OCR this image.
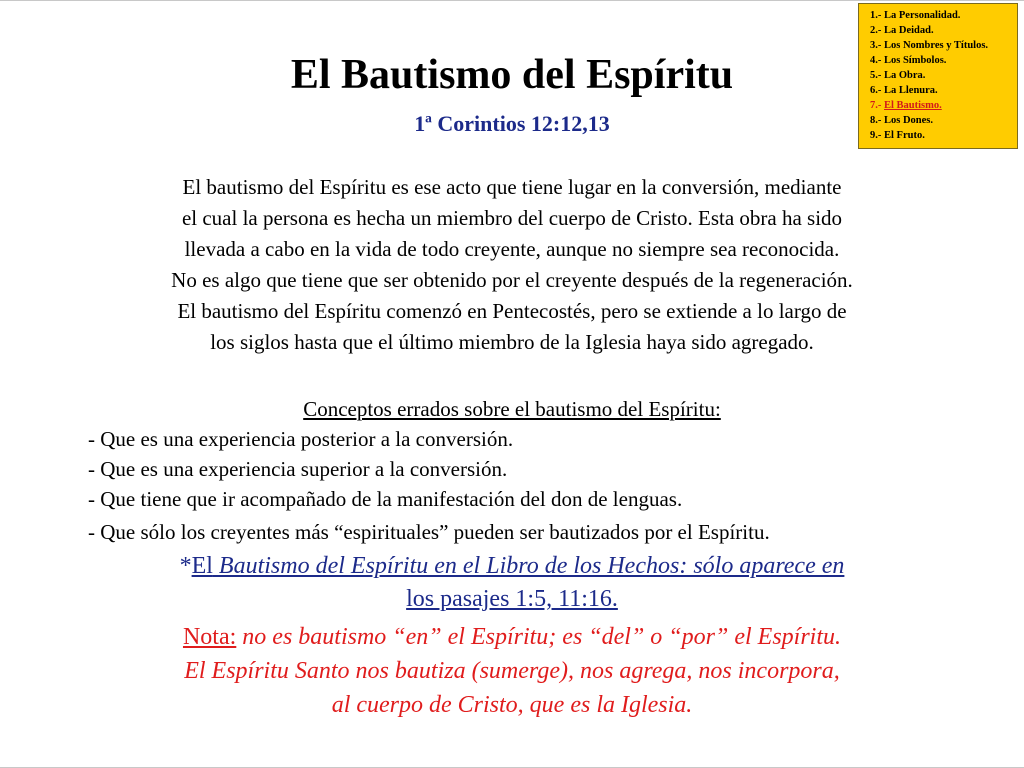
1.- La Personalidad.
2.- La Deidad.
3.- Los Nombres y Títulos.
4.- Los Símbolos.
5.- La Obra.
6.- La Llenura.
7.- El Bautismo.
8.- Los Dones.
9.- El Fruto.
El Bautismo del Espíritu
1ª Corintios 12:12,13
El bautismo del Espíritu es ese acto que tiene lugar en la conversión, mediante
el cual la persona es hecha un miembro del cuerpo de Cristo. Esta obra ha sido
llevada a cabo en la vida de todo creyente, aunque no siempre sea reconocida.
No es algo que tiene que ser obtenido por el creyente después de la regeneración.
El bautismo del Espíritu comenzó en Pentecostés, pero se extiende a lo largo de
los siglos hasta que el último miembro de la Iglesia haya sido agregado.
Conceptos errados sobre el bautismo del Espíritu:
- Que es una experiencia posterior a la conversión.
- Que es una experiencia superior a la conversión.
- Que tiene que ir acompañado de la manifestación del don de lenguas.
- Que sólo los creyentes más “espirituales” pueden ser bautizados por el Espíritu.
*El Bautismo del Espíritu en el Libro de los Hechos: sólo aparece en
los pasajes 1:5, 11:16.
Nota: no es bautismo “en” el Espíritu; es “del” o “por” el Espíritu.
El Espíritu Santo nos bautiza (sumerge), nos agrega, nos incorpora,
al cuerpo de Cristo, que es la Iglesia.
